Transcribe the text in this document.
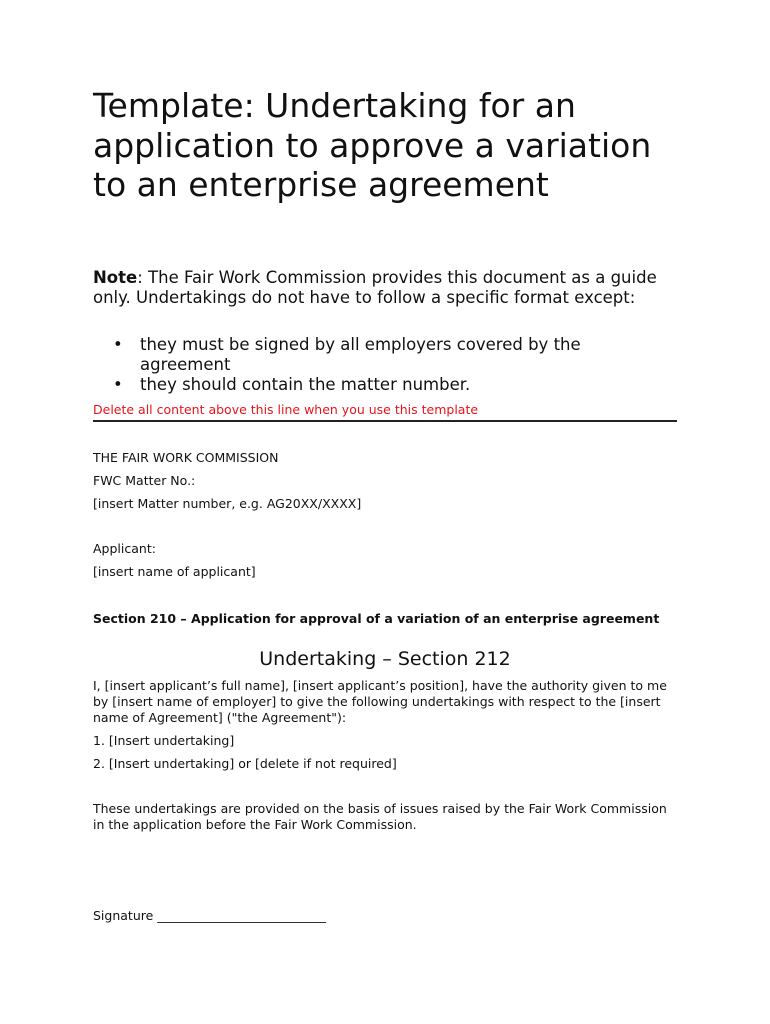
Template: Undertaking for an application to approve a variation to an enterprise agreement
Note: The Fair Work Commission provides this document as a guide only. Undertakings do not have to follow a specific format except:
• they must be signed by all employers covered by the agreement
• they should contain the matter number.
Delete all content above this line when you use this template
THE FAIR WORK COMMISSION
FWC Matter No.:
[insert Matter number, e.g. AG20XX/XXXX]
Applicant:
[insert name of applicant]
Section 210 – Application for approval of a variation of an enterprise agreement
Undertaking – Section 212
I, [insert applicant’s full name], [insert applicant’s position], have the authority given to me by [insert name of employer] to give the following undertakings with respect to the [insert name of Agreement] ("the Agreement"):
1. [Insert undertaking]
2. [Insert undertaking] or [delete if not required]
These undertakings are provided on the basis of issues raised by the Fair Work Commission in the application before the Fair Work Commission.
Signature ___________________________
